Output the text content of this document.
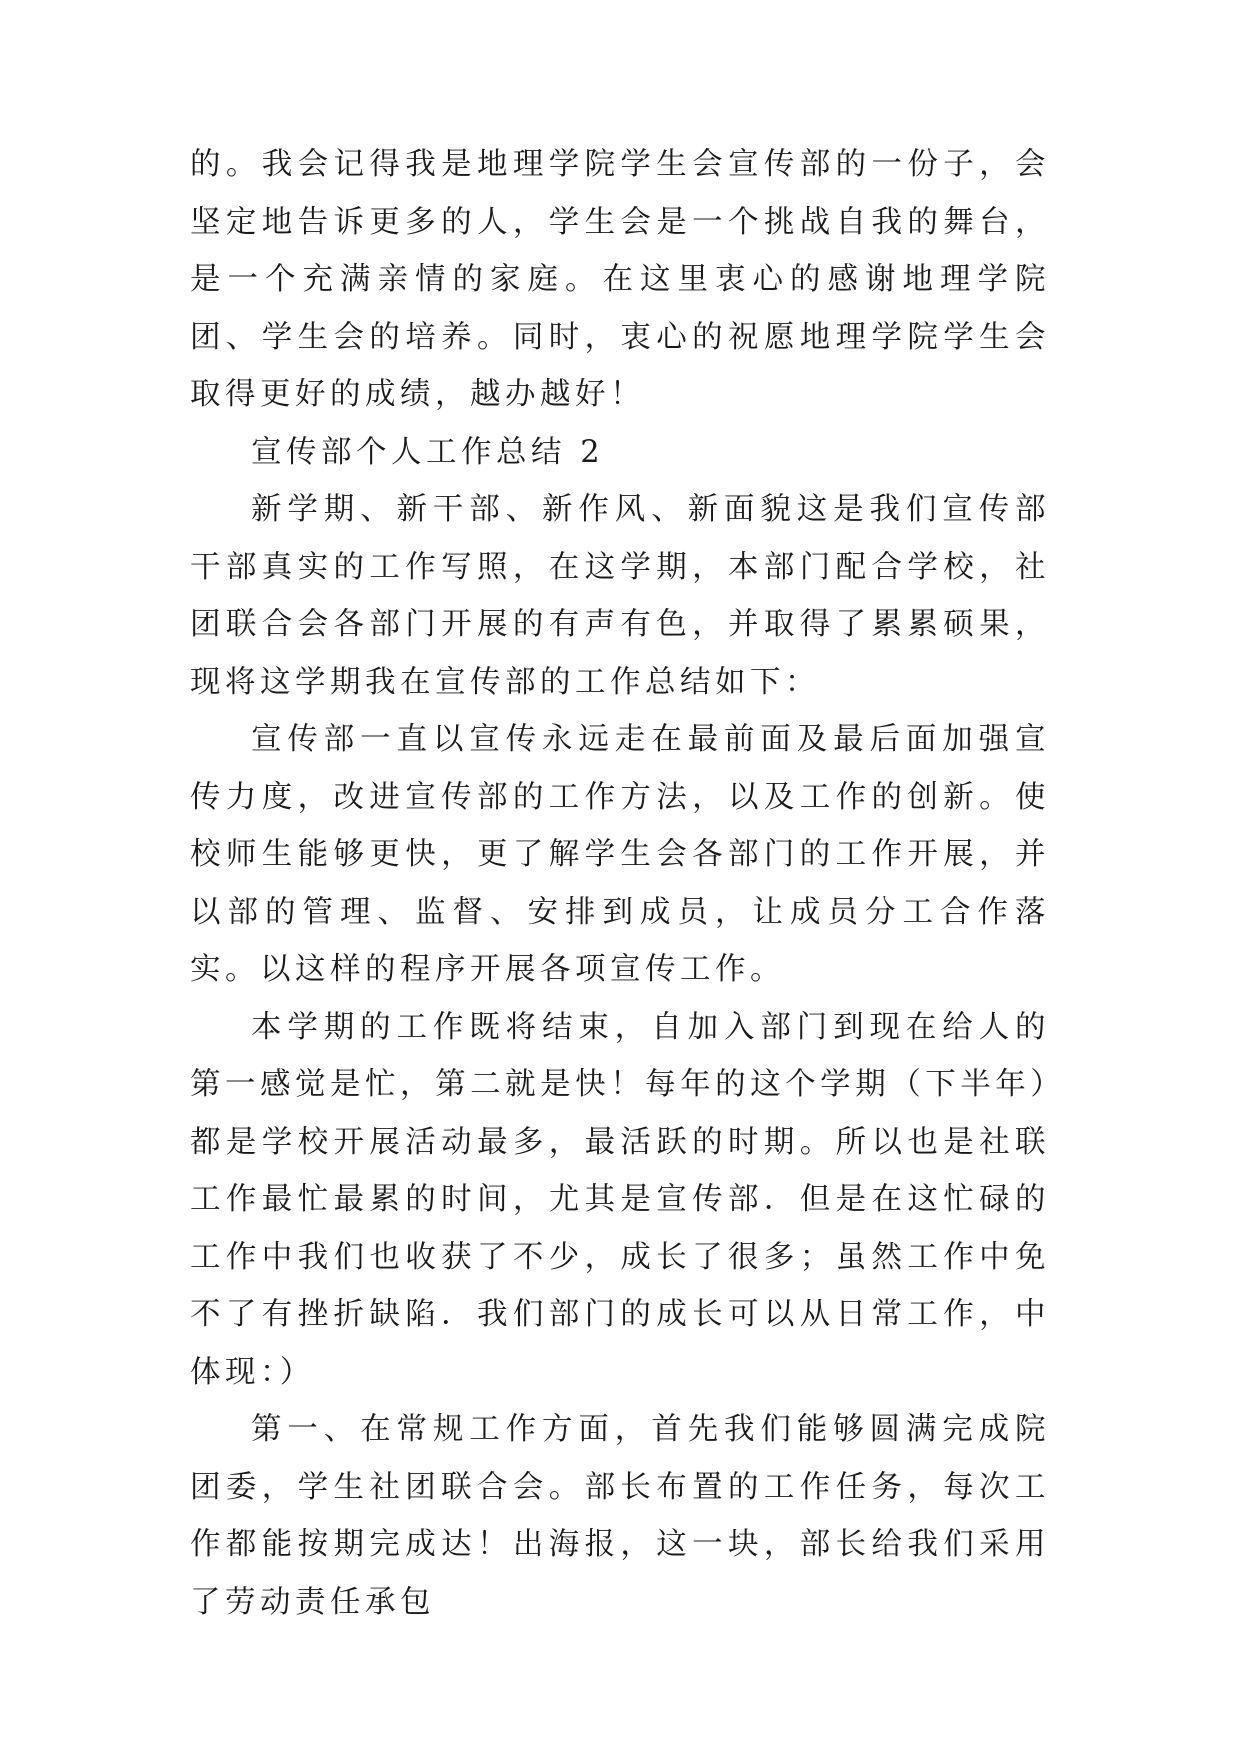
的。我会记得我是地理学院学生会宣传部的一份子，会坚定地告诉更多的人，学生会是一个挑战自我的舞台，是一个充满亲情的家庭。在这里衷心的感谢地理学院团、学生会的培养。同时，衷心的祝愿地理学院学生会取得更好的成绩，越办越好！

宣传部个人工作总结 2

新学期、新干部、新作风、新面貌这是我们宣传部干部真实的工作写照，在这学期，本部门配合学校，社团联合会各部门开展的有声有色，并取得了累累硕果，现将这学期我在宣传部的工作总结如下：

宣传部一直以宣传永远走在最前面及最后面加强宣传力度，改进宣传部的工作方法，以及工作的创新。使校师生能够更快，更了解学生会各部门的工作开展，并以部的管理、监督、安排到成员，让成员分工合作落实。以这样的程序开展各项宣传工作。

本学期的工作既将结束，自加入部门到现在给人的第一感觉是忙，第二就是快！每年的这个学期（下半年）都是学校开展活动最多，最活跃的时期。所以也是社联工作最忙最累的时间，尤其是宣传部．但是在这忙碌的工作中我们也收获了不少，成长了很多；虽然工作中免不了有挫折缺陷．我们部门的成长可以从日常工作，中体现：）

第一、在常规工作方面，首先我们能够圆满完成院团委，学生社团联合会。部长布置的工作任务，每次工作都能按期完成达！出海报，这一块，部长给我们采用了劳动责任承包
